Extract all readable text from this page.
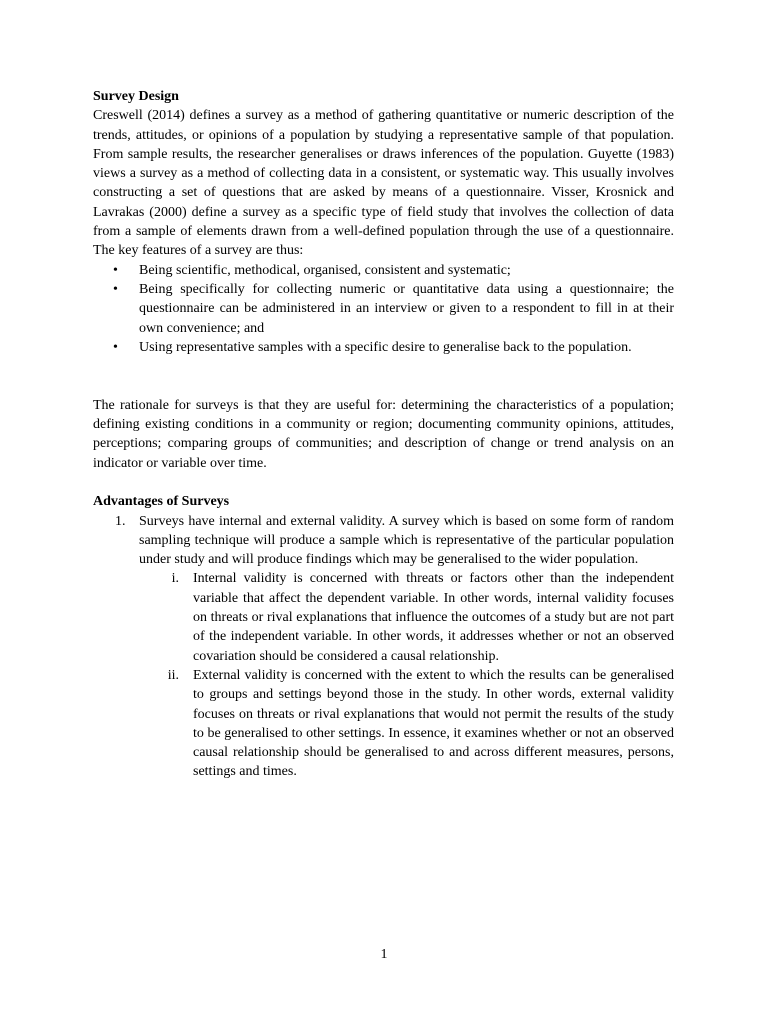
Survey Design

Creswell (2014) defines a survey as a method of gathering quantitative or numeric description of the trends, attitudes, or opinions of a population by studying a representative sample of that population. From sample results, the researcher generalises or draws inferences of the population. Guyette (1983) views a survey as a method of collecting data in a consistent, or systematic way. This usually involves constructing a set of questions that are asked by means of a questionnaire. Visser, Krosnick and Lavrakas (2000) define a survey as a specific type of field study that involves the collection of data from a sample of elements drawn from a well-defined population through the use of a questionnaire. The key features of a survey are thus:

• Being scientific, methodical, organised, consistent and systematic;
• Being specifically for collecting numeric or quantitative data using a questionnaire; the questionnaire can be administered in an interview or given to a respondent to fill in at their own convenience; and
• Using representative samples with a specific desire to generalise back to the population.

The rationale for surveys is that they are useful for: determining the characteristics of a population; defining existing conditions in a community or region; documenting community opinions, attitudes, perceptions; comparing groups of communities; and description of change or trend analysis on an indicator or variable over time.

Advantages of Surveys
1. Surveys have internal and external validity. A survey which is based on some form of random sampling technique will produce a sample which is representative of the particular population under study and will produce findings which may be generalised to the wider population.
i. Internal validity is concerned with threats or factors other than the independent variable that affect the dependent variable. In other words, internal validity focuses on threats or rival explanations that influence the outcomes of a study but are not part of the independent variable. In other words, it addresses whether or not an observed covariation should be considered a causal relationship.
ii. External validity is concerned with the extent to which the results can be generalised to groups and settings beyond those in the study. In other words, external validity focuses on threats or rival explanations that would not permit the results of the study to be generalised to other settings. In essence, it examines whether or not an observed causal relationship should be generalised to and across different measures, persons, settings and times.
1
